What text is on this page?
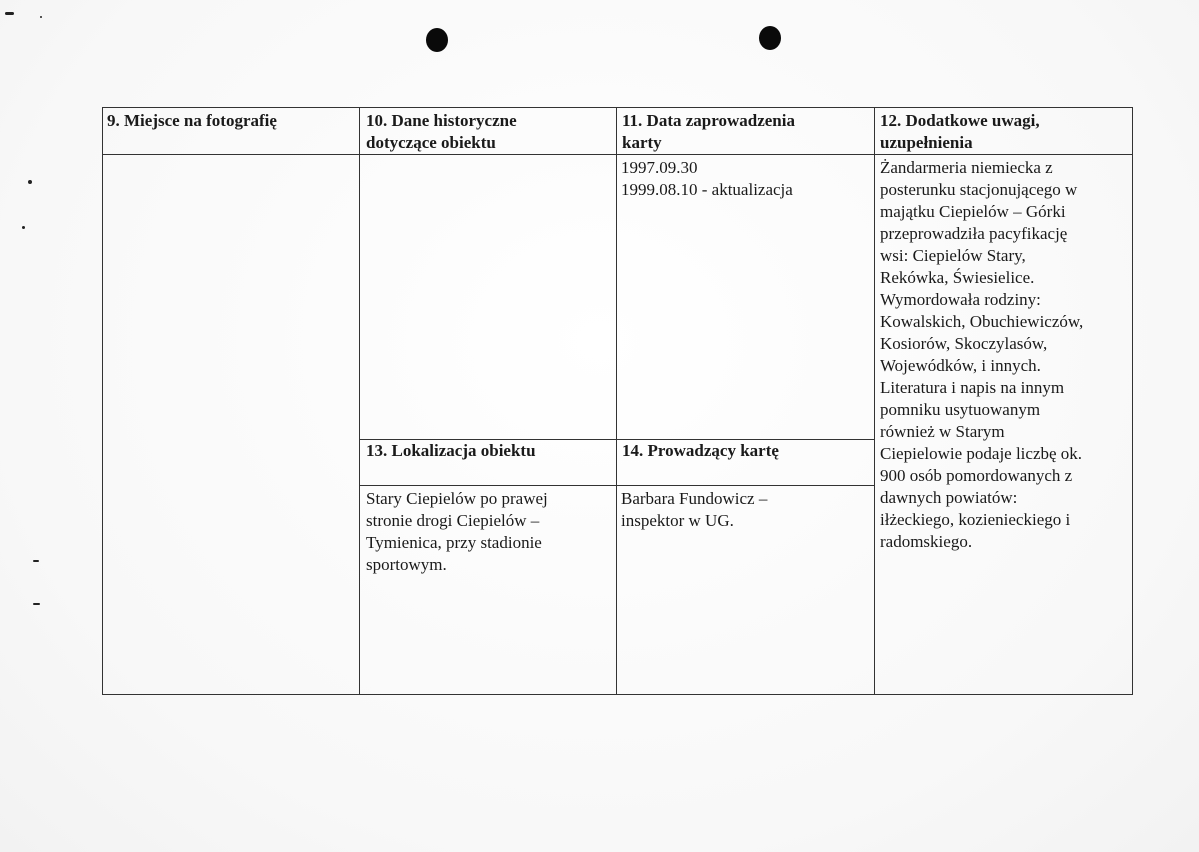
9. Miejsce na fotografię	10. Dane historyczne
dotyczące obiektu
11. Data zaprowadzenia
karty
12. Dodatkowe uwagi,
uzupełnienia
13. Lokalizacja obiektu	14. Prowadzący kartę
1997.09.30
1999.08.10 - aktualizacja
Żandarmeria niemiecka z
posterunku stacjonującego w
majątku Ciepielów – Górki
przeprowadziła pacyfikację
wsi: Ciepielów Stary,
Rekówka, Świesielice.
Wymordowała rodziny:
Kowalskich, Obuchiewiczów,
Kosiorów, Skoczylasów,
Wojewódków, i innych.
Literatura i napis na innym
pomniku usytuowanym
również w Starym
Ciepielowie podaje liczbę ok.
900 osób pomordowanych z
dawnych powiatów:
iłżeckiego, kozienieckiego i
radomskiego.
Stary Ciepielów po prawej
stronie drogi Ciepielów –
Tymienica, przy stadionie
sportowym.
Barbara Fundowicz –
inspektor w UG.
